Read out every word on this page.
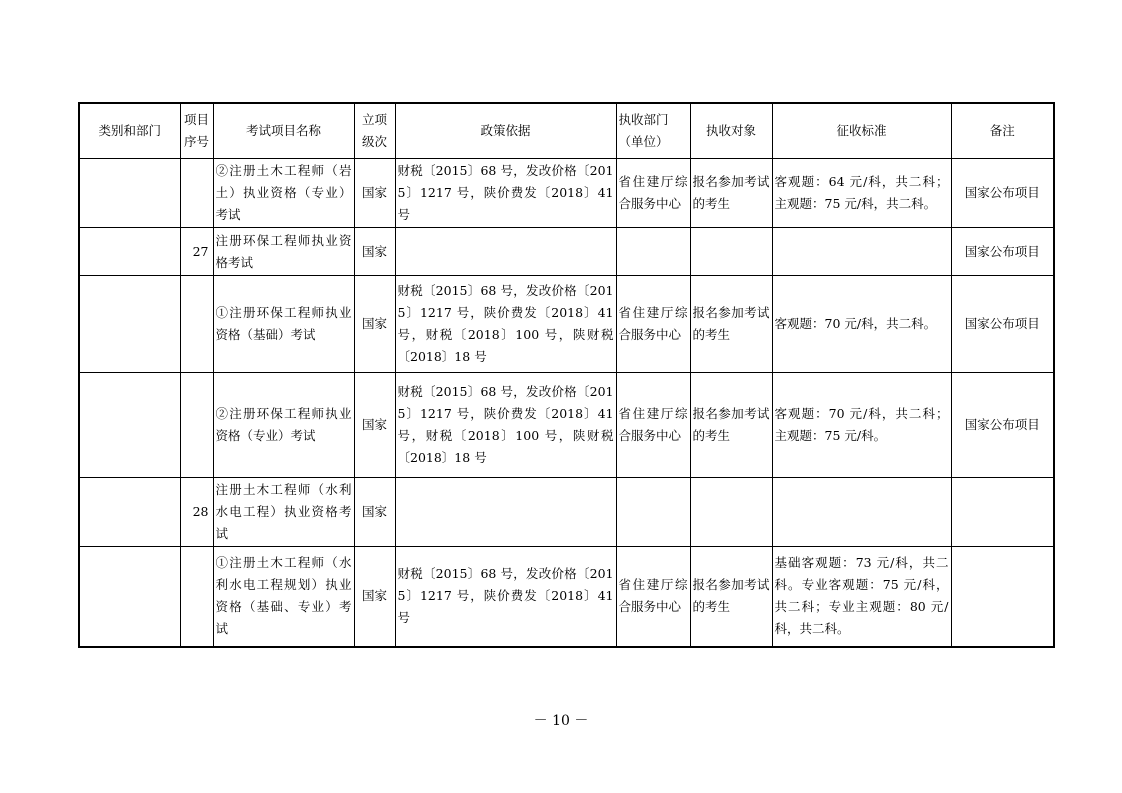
类别和部门	项目序号	考试项目名称	立项级次	政策依据	执收部门（单位）	执收对象	征收标准	备注
		②注册土木工程师（岩土）执业资格（专业）考试	国家	财税〔2015〕68 号，发改价格〔2015〕1217 号，陕价费发〔2018〕41 号	省住建厅综合服务中心	报名参加考试的考生	客观题：64 元/科，共二科；主观题：75 元/科，共二科。	国家公布项目
	27	注册环保工程师执业资格考试	国家					国家公布项目
		①注册环保工程师执业资格（基础）考试	国家	财税〔2015〕68 号，发改价格〔2015〕1217 号，陕价费发〔2018〕41 号，财税〔2018〕100 号，陕财税〔2018〕18 号	省住建厅综合服务中心	报名参加考试的考生	客观题：70 元/科，共二科。	国家公布项目
		②注册环保工程师执业资格（专业）考试	国家	财税〔2015〕68 号，发改价格〔2015〕1217 号，陕价费发〔2018〕41 号，财税〔2018〕100 号，陕财税〔2018〕18 号	省住建厅综合服务中心	报名参加考试的考生	客观题：70 元/科，共二科；主观题：75 元/科。	国家公布项目
	28	注册土木工程师（水利水电工程）执业资格考试	国家					
		①注册土木工程师（水利水电工程规划）执业资格（基础、专业）考试	国家	财税〔2015〕68 号，发改价格〔2015〕1217 号，陕价费发〔2018〕41 号	省住建厅综合服务中心	报名参加考试的考生	基础客观题：73 元/科，共二科。专业客观题：75 元/科，共二科；专业主观题：80 元/科，共二科。	
－ 10 －
